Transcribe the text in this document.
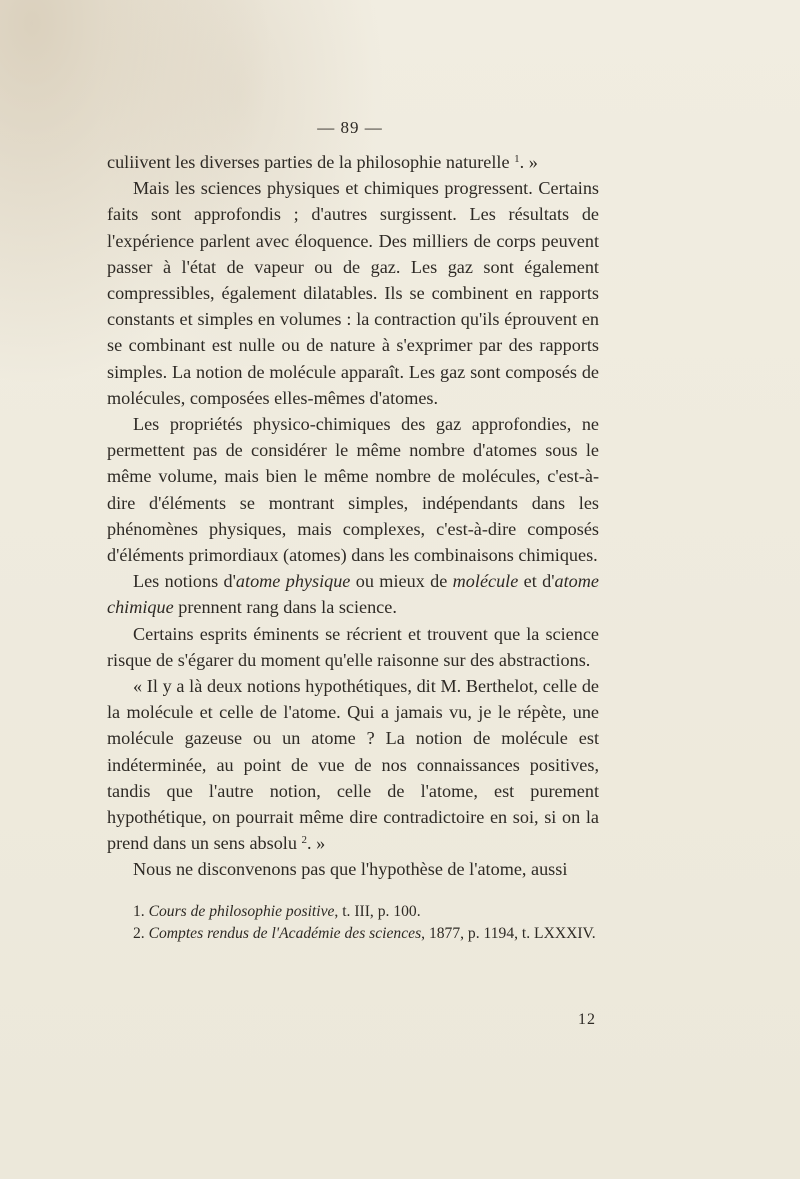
— 89 —

culiivent les diverses parties de la philosophie naturelle $^1$. »

Mais les sciences physiques et chimiques progressent. Certains faits sont approfondis ; d'autres surgissent. Les résultats de l'expérience parlent avec éloquence. Des milliers de corps peuvent passer à l'état de vapeur ou de gaz. Les gaz sont également compressibles, également dilatables. Ils se combinent en rapports constants et simples en volumes : la contraction qu'ils éprouvent en se combinant est nulle ou de nature à s'exprimer par des rapports simples. La notion de molécule apparaît. Les gaz sont composés de molécules, composées elles-mêmes d'atomes.

Les propriétés physico-chimiques des gaz approfondies, ne permettent pas de considérer le même nombre d'atomes sous le même volume, mais bien le même nombre de molécules, c'est-à-dire d'éléments se montrant simples, indépendants dans les phénomènes physiques, mais complexes, c'est-à-dire composés d'éléments primordiaux (atomes) dans les combinaisons chimiques.

Les notions d'atome physique ou mieux de molécule et d'atome chimique prennent rang dans la science.

Certains esprits éminents se récrient et trouvent que la science risque de s'égarer du moment qu'elle raisonne sur des abstractions.

« Il y a là deux notions hypothétiques, dit M. Berthelot, celle de la molécule et celle de l'atome. Qui a jamais vu, je le répète, une molécule gazeuse ou un atome ? La notion de molécule est indéterminée, au point de vue de nos connaissances positives, tandis que l'autre notion, celle de l'atome, est purement hypothétique, on pourrait même dire contradictoire en soi, si on la prend dans un sens absolu $^2$. »

Nous ne disconvenons pas que l'hypothèse de l'atome, aussi

1. Cours de philosophie positive, t. III, p. 100.

2. Comptes rendus de l'Académie des sciences, 1877, p. 1194, t. LXXXIV.

12
